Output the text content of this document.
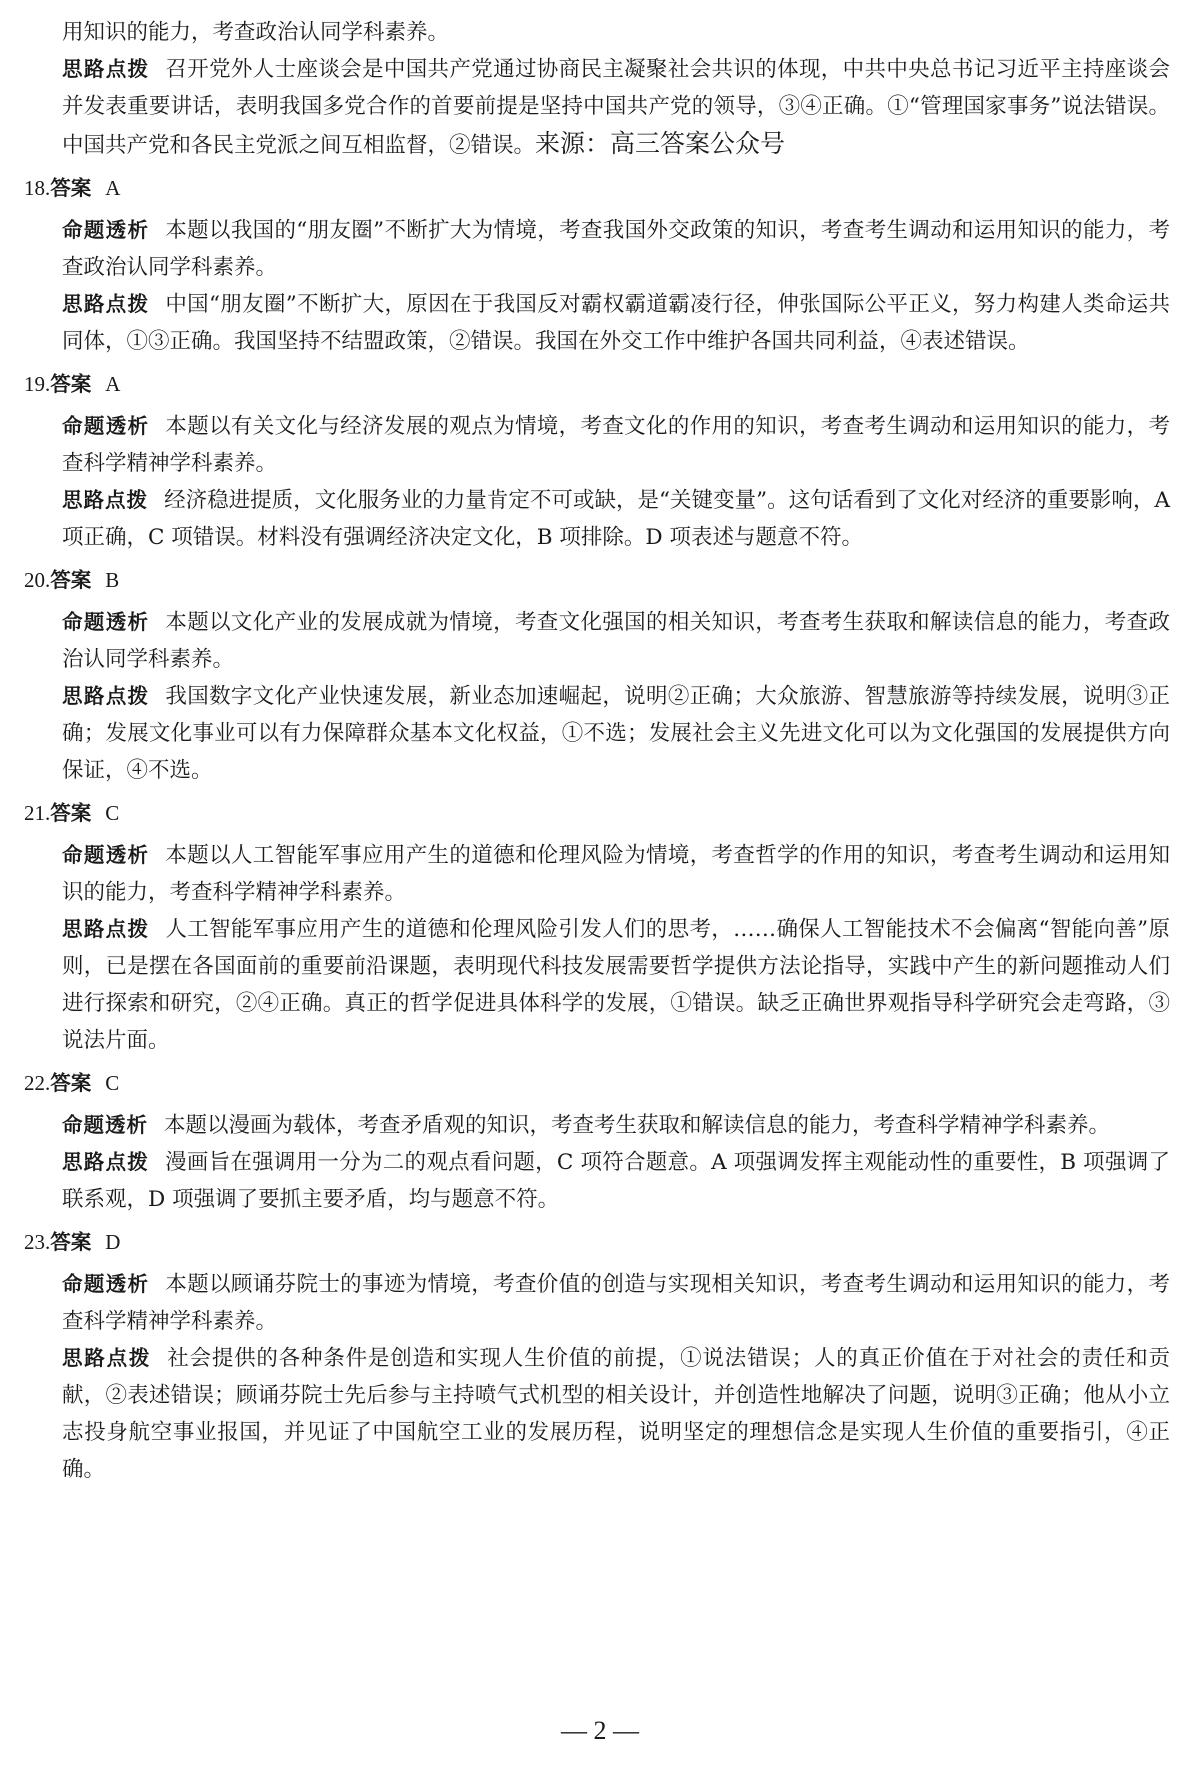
用知识的能力，考查政治认同学科素养。

思路点拨 召开党外人士座谈会是中国共产党通过协商民主凝聚社会共识的体现，中共中央总书记习近平主持座谈会并发表重要讲话，表明我国多党合作的首要前提是坚持中国共产党的领导，③④正确。①“管理国家事务”说法错误。中国共产党和各民主党派之间互相监督，②错误。来源：高三答案公众号

18.答案 A

命题透析 本题以我国的“朋友圈”不断扩大为情境，考查我国外交政策的知识，考查考生调动和运用知识的能力，考查政治认同学科素养。

思路点拨 中国“朋友圈”不断扩大，原因在于我国反对霸权霸道霸凌行径，伸张国际公平正义，努力构建人类命运共同体，①③正确。我国坚持不结盟政策，②错误。我国在外交工作中维护各国共同利益，④表述错误。

19.答案 A

命题透析 本题以有关文化与经济发展的观点为情境，考查文化的作用的知识，考查考生调动和运用知识的能力，考查科学精神学科素养。

思路点拨 经济稳进提质，文化服务业的力量肯定不可或缺，是“关键变量”。这句话看到了文化对经济的重要影响，A 项正确，C 项错误。材料没有强调经济决定文化，B 项排除。D 项表述与题意不符。

20.答案 B

命题透析 本题以文化产业的发展成就为情境，考查文化强国的相关知识，考查考生获取和解读信息的能力，考查政治认同学科素养。

思路点拨 我国数字文化产业快速发展，新业态加速崛起，说明②正确；大众旅游、智慧旅游等持续发展，说明③正确；发展文化事业可以有力保障群众基本文化权益，①不选；发展社会主义先进文化可以为文化强国的发展提供方向保证，④不选。

21.答案 C

命题透析 本题以人工智能军事应用产生的道德和伦理风险为情境，考查哲学的作用的知识，考查考生调动和运用知识的能力，考查科学精神学科素养。

思路点拨 人工智能军事应用产生的道德和伦理风险引发人们的思考，……确保人工智能技术不会偏离“智能向善”原则，已是摆在各国面前的重要前沿课题，表明现代科技发展需要哲学提供方法论指导，实践中产生的新问题推动人们进行探索和研究，②④正确。真正的哲学促进具体科学的发展，①错误。缺乏正确世界观指导科学研究会走弯路，③说法片面。

22.答案 C

命题透析 本题以漫画为载体，考查矛盾观的知识，考查考生获取和解读信息的能力，考查科学精神学科素养。

思路点拨 漫画旨在强调用一分为二的观点看问题，C 项符合题意。A 项强调发挥主观能动性的重要性，B 项强调了联系观，D 项强调了要抓主要矛盾，均与题意不符。

23.答案 D

命题透析 本题以顾诵芬院士的事迹为情境，考查价值的创造与实现相关知识，考查考生调动和运用知识的能力，考查科学精神学科素养。

思路点拨 社会提供的各种条件是创造和实现人生价值的前提，①说法错误；人的真正价值在于对社会的责任和贡献，②表述错误；顾诵芬院士先后参与主持喷气式机型的相关设计，并创造性地解决了问题，说明③正确；他从小立志投身航空事业报国，并见证了中国航空工业的发展历程，说明坚定的理想信念是实现人生价值的重要指引，④正确。

— 2 —
